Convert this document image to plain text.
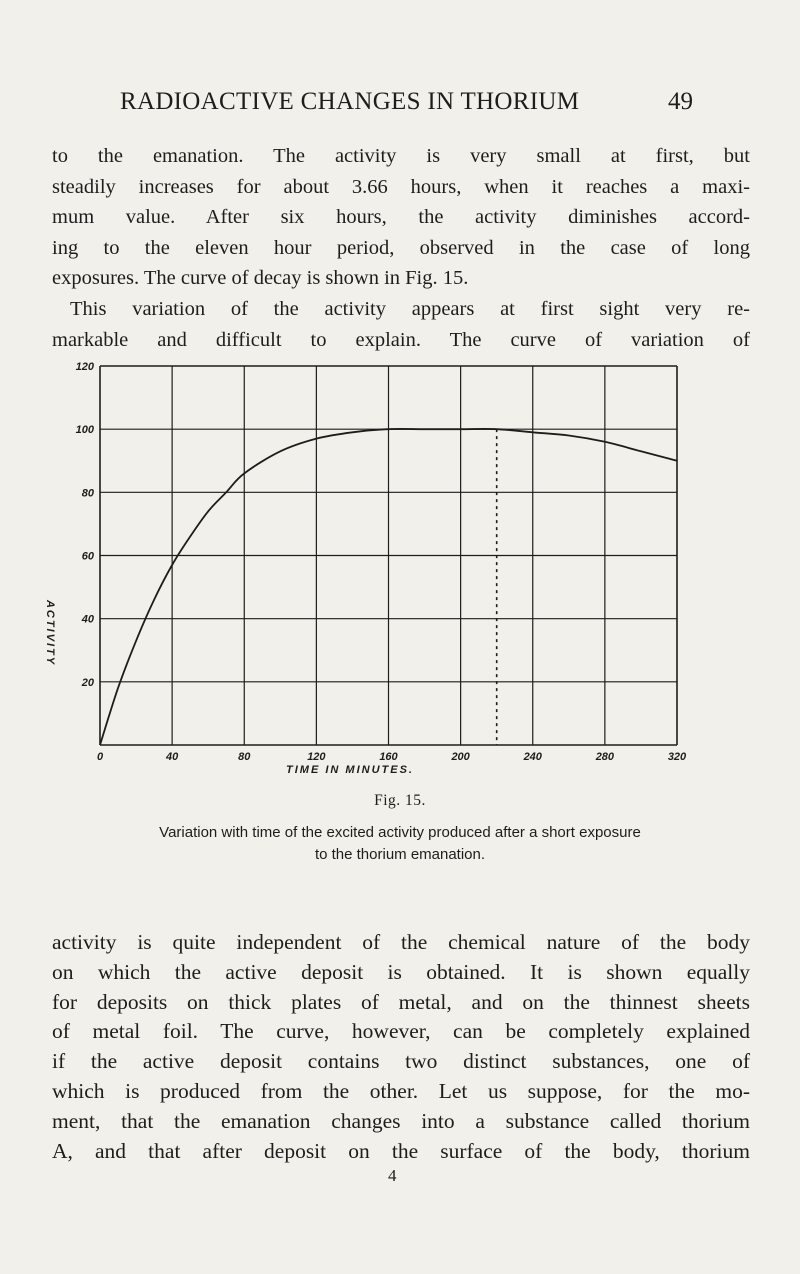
RADIOACTIVE CHANGES IN THORIUM	49

to the emanation. The activity is very small at first, but
steadily increases for about 3.66 hours, when it reaches a maxi-
mum value. After six hours, the activity diminishes accord-
ing to the eleven hour period, observed in the case of long
exposures. The curve of decay is shown in Fig. 15.
This variation of the activity appears at first sight very re-
markable and difficult to explain. The curve of variation of

0	40	80	120	160	200	240	280	320
20
40
60
80
100
120
TIME IN MINUTES.
ACTIVITY
Fig. 15.
Variation with time of the excited activity produced after a short exposure
to the thorium emanation.

activity is quite independent of the chemical nature of the body
on which the active deposit is obtained. It is shown equally
for deposits on thick plates of metal, and on the thinnest sheets
of metal foil. The curve, however, can be completely explained
if the active deposit contains two distinct substances, one of
which is produced from the other. Let us suppose, for the mo-
ment, that the emanation changes into a substance called thorium
A, and that after deposit on the surface of the body, thorium

4
